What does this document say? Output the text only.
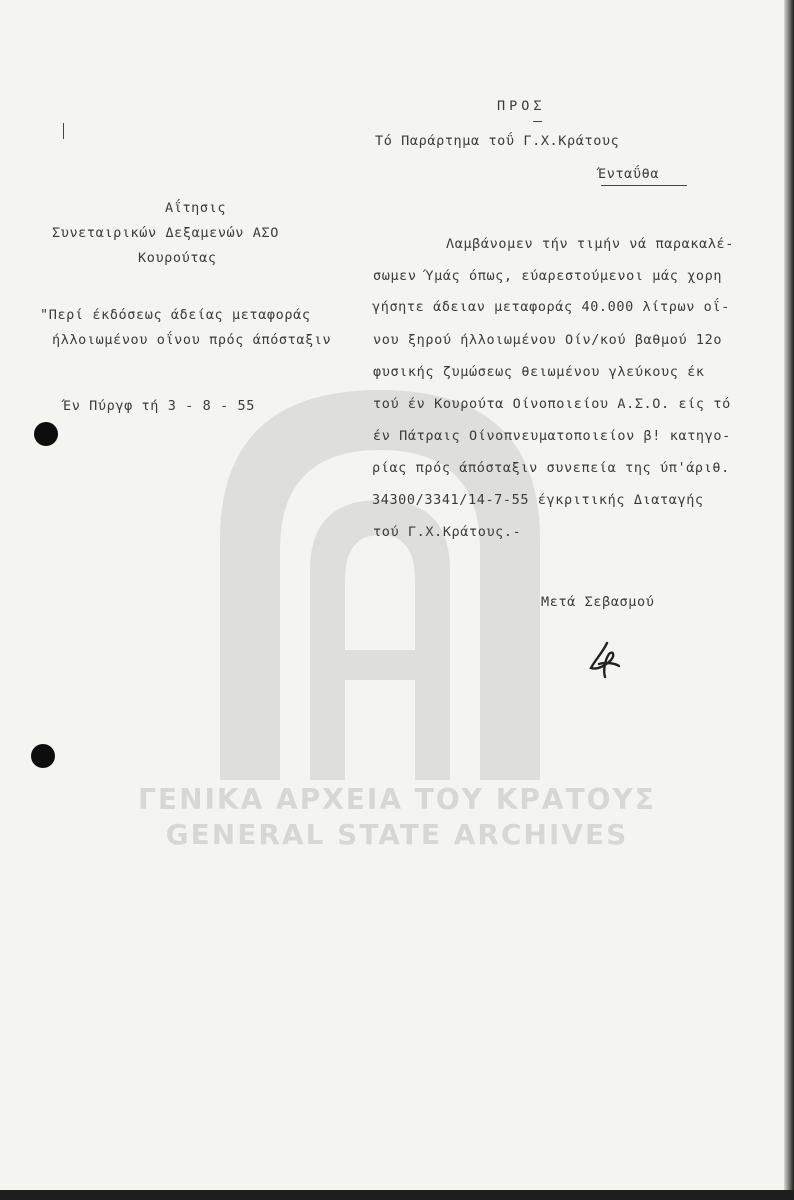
ΓΕΝΙΚΑ ΑΡΧΕΙΑ ΤΟΥ ΚΡΑΤΟΥΣ
GENERAL STATE ARCHIVES
ΠΡΟΣ
Τό Παράρτημα τοΰ Γ.Χ.Κράτους
Ένταΰθα
Αΐτησις
Συνεταιρικών Δεξαμενών ΑΣΟ
Κουρούτας
"Περί έκδόσεως άδείας μεταφοράς
ήλλοιωμένου οΐνου πρός άπόσταξιν
Έν Πύργφ τή 3 - 8 - 55
Λαμβάνομεν τήν τιμήν νά παρακαλέ-
σωμεν Ύμάς όπως, εύαρεστούμενοι μάς χορη
γήσητε άδειαν μεταφοράς 40.000 λίτρων οΐ-
νου ξηρού ήλλοιωμένου Οίν/κού βαθμού 12ο
φυσικής ζυμώσεως θειωμένου γλεύκους έκ
τού έν Κουρούτα Οίνοποιείου Α.Σ.Ο. είς τό
έν Πάτραις Οίνοπνευματοποιείον β! κατηγο-
ρίας πρός άπόσταξιν συνεπεία της ύπ'άριθ.
34300/3341/14-7-55 έγκριτικής Διαταγής
τού Γ.Χ.Κράτους.-
Μετά Σεβασμού
